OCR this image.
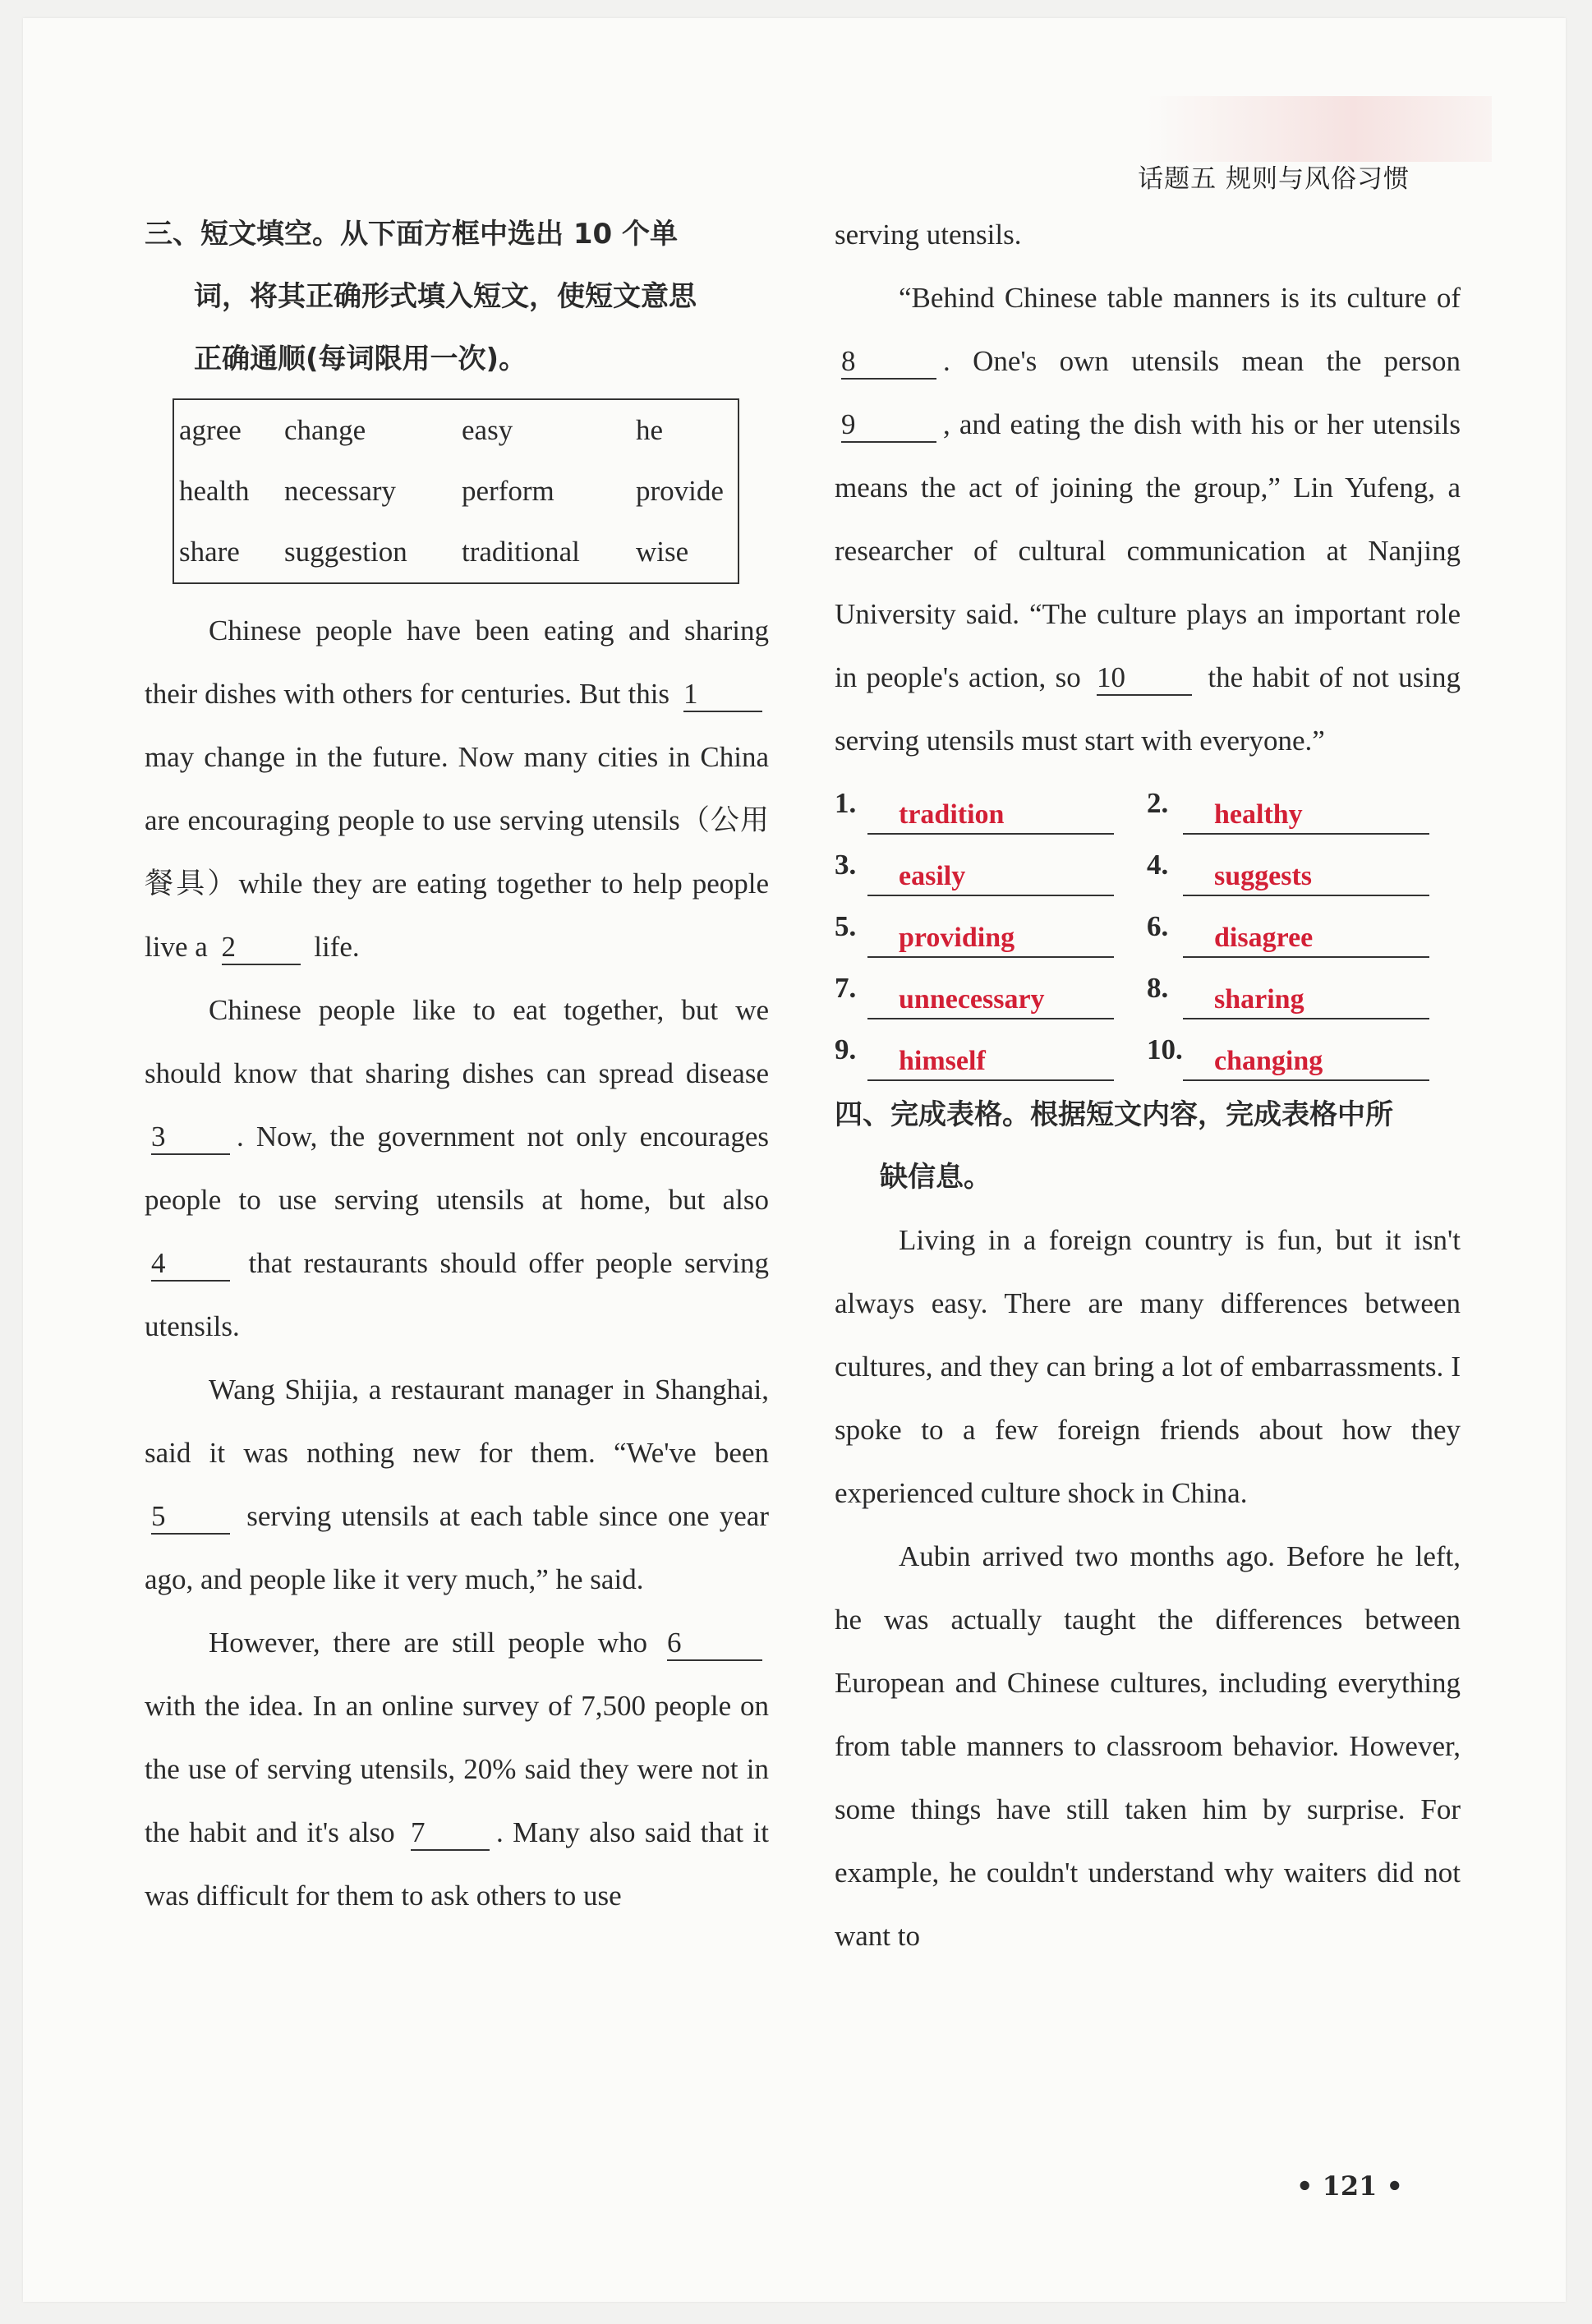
话题五 规则与风俗习惯
三、短文填空。从下面方框中选出 10 个单
词，将其正确形式填入短文，使短文意思
正确通顺(每词限用一次)。
agree	change	easy	he
health	necessary	perform	provide
share	suggestion	traditional	wise

Chinese people have been eating and sharing their dishes with others for centuries. But this 1 may change in the future. Now many cities in China are encouraging people to use serving utensils（公用餐具）while they are eating together to help people live a 2	life.

Chinese people like to eat together, but we should know that sharing dishes can spread disease 3 . Now, the government not only encourages people to use serving utensils at home, but also 4	that restaurants should offer people serving utensils.

Wang Shijia, a restaurant manager in Shanghai, said it was nothing new for them. “We've been 5	serving utensils at each table since one year ago, and people like it very much,” he said.

However, there are still people who 6 with the idea. In an online survey of 7,500 people on the use of serving utensils, 20% said they were not in the habit and it's also 7 . Many also said that it was difficult for them to ask others to use

serving utensils.

“Behind Chinese table manners is its culture of 8	. One's own utensils mean the person 9	, and eating the dish with his or her utensils means the act of joining the group,” Lin Yufeng, a researcher of cultural communication at Nanjing University said. “The culture plays an important role in people's action, so 10	the habit of not using serving utensils must start with everyone.”

1.	tradition	2.	healthy
3.	easily	4.	suggests
5.	providing	6.	disagree
7.	unnecessary	8.	sharing
9.	himself	10.	changing
四、完成表格。根据短文内容，完成表格中所
缺信息。

Living in a foreign country is fun, but it isn't always easy. There are many differences between cultures, and they can bring a lot of embarrassments. I spoke to a few foreign friends about how they experienced culture shock in China.

Aubin arrived two months ago. Before he left, he was actually taught the differences between European and Chinese cultures, including everything from table manners to classroom behavior. However, some things have still taken him by surprise. For example, he couldn't understand why waiters did not want to

• 121 •
